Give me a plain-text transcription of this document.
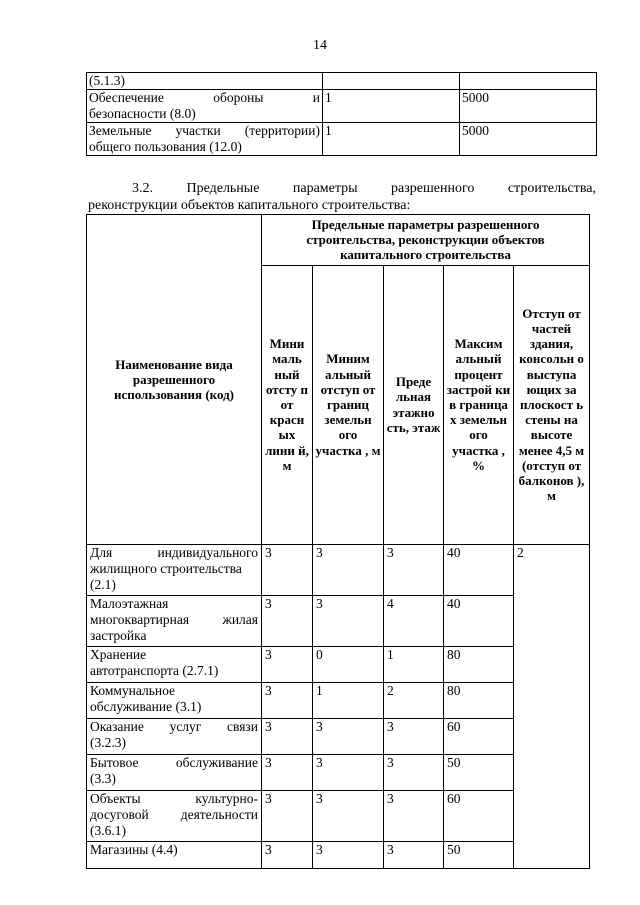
14
(5.1.3)		
Обеспечение обороны и
безопасности (8.0)	1	5000
Земельные участки (территории)
общего пользования (12.0)	1	5000
3.2. Предельные параметры разрешенного строительства,
реконструкции объектов капитального строительства:
Наименование вида разрешенного использования (код)	Предельные параметры разрешенного строительства, реконструкции объектов капитального строительства				
	Мини маль ный отсту п от красн ых лини й, м	Миним альный отступ от границ земельн ого участка , м	Преде льная этажно сть, этаж	Максим альный процент застрой ки в граница х земельн ого участка , %	Отступ от частей здания, консольн о выступа ющих за плоскост ь стены на высоте менее 4,5 м (отступ от балконов ), м
Для индивидуального
жилищного строительства (2.1)	3	3	3	40	2
Малоэтажная многоквартирная жилая
застройка	3	3	4	40	
Хранение
автотранспорта (2.7.1)	3	0	1	80	
Коммунальное
обслуживание (3.1)	3	1	2	80	
Оказание услуг связи
(3.2.3)	3	3	3	60	
Бытовое обслуживание
(3.3)	3	3	3	50	
Объекты культурно-досуговой деятельности
(3.6.1)	3	3	3	60	
Магазины (4.4)	3	3	3	50	
